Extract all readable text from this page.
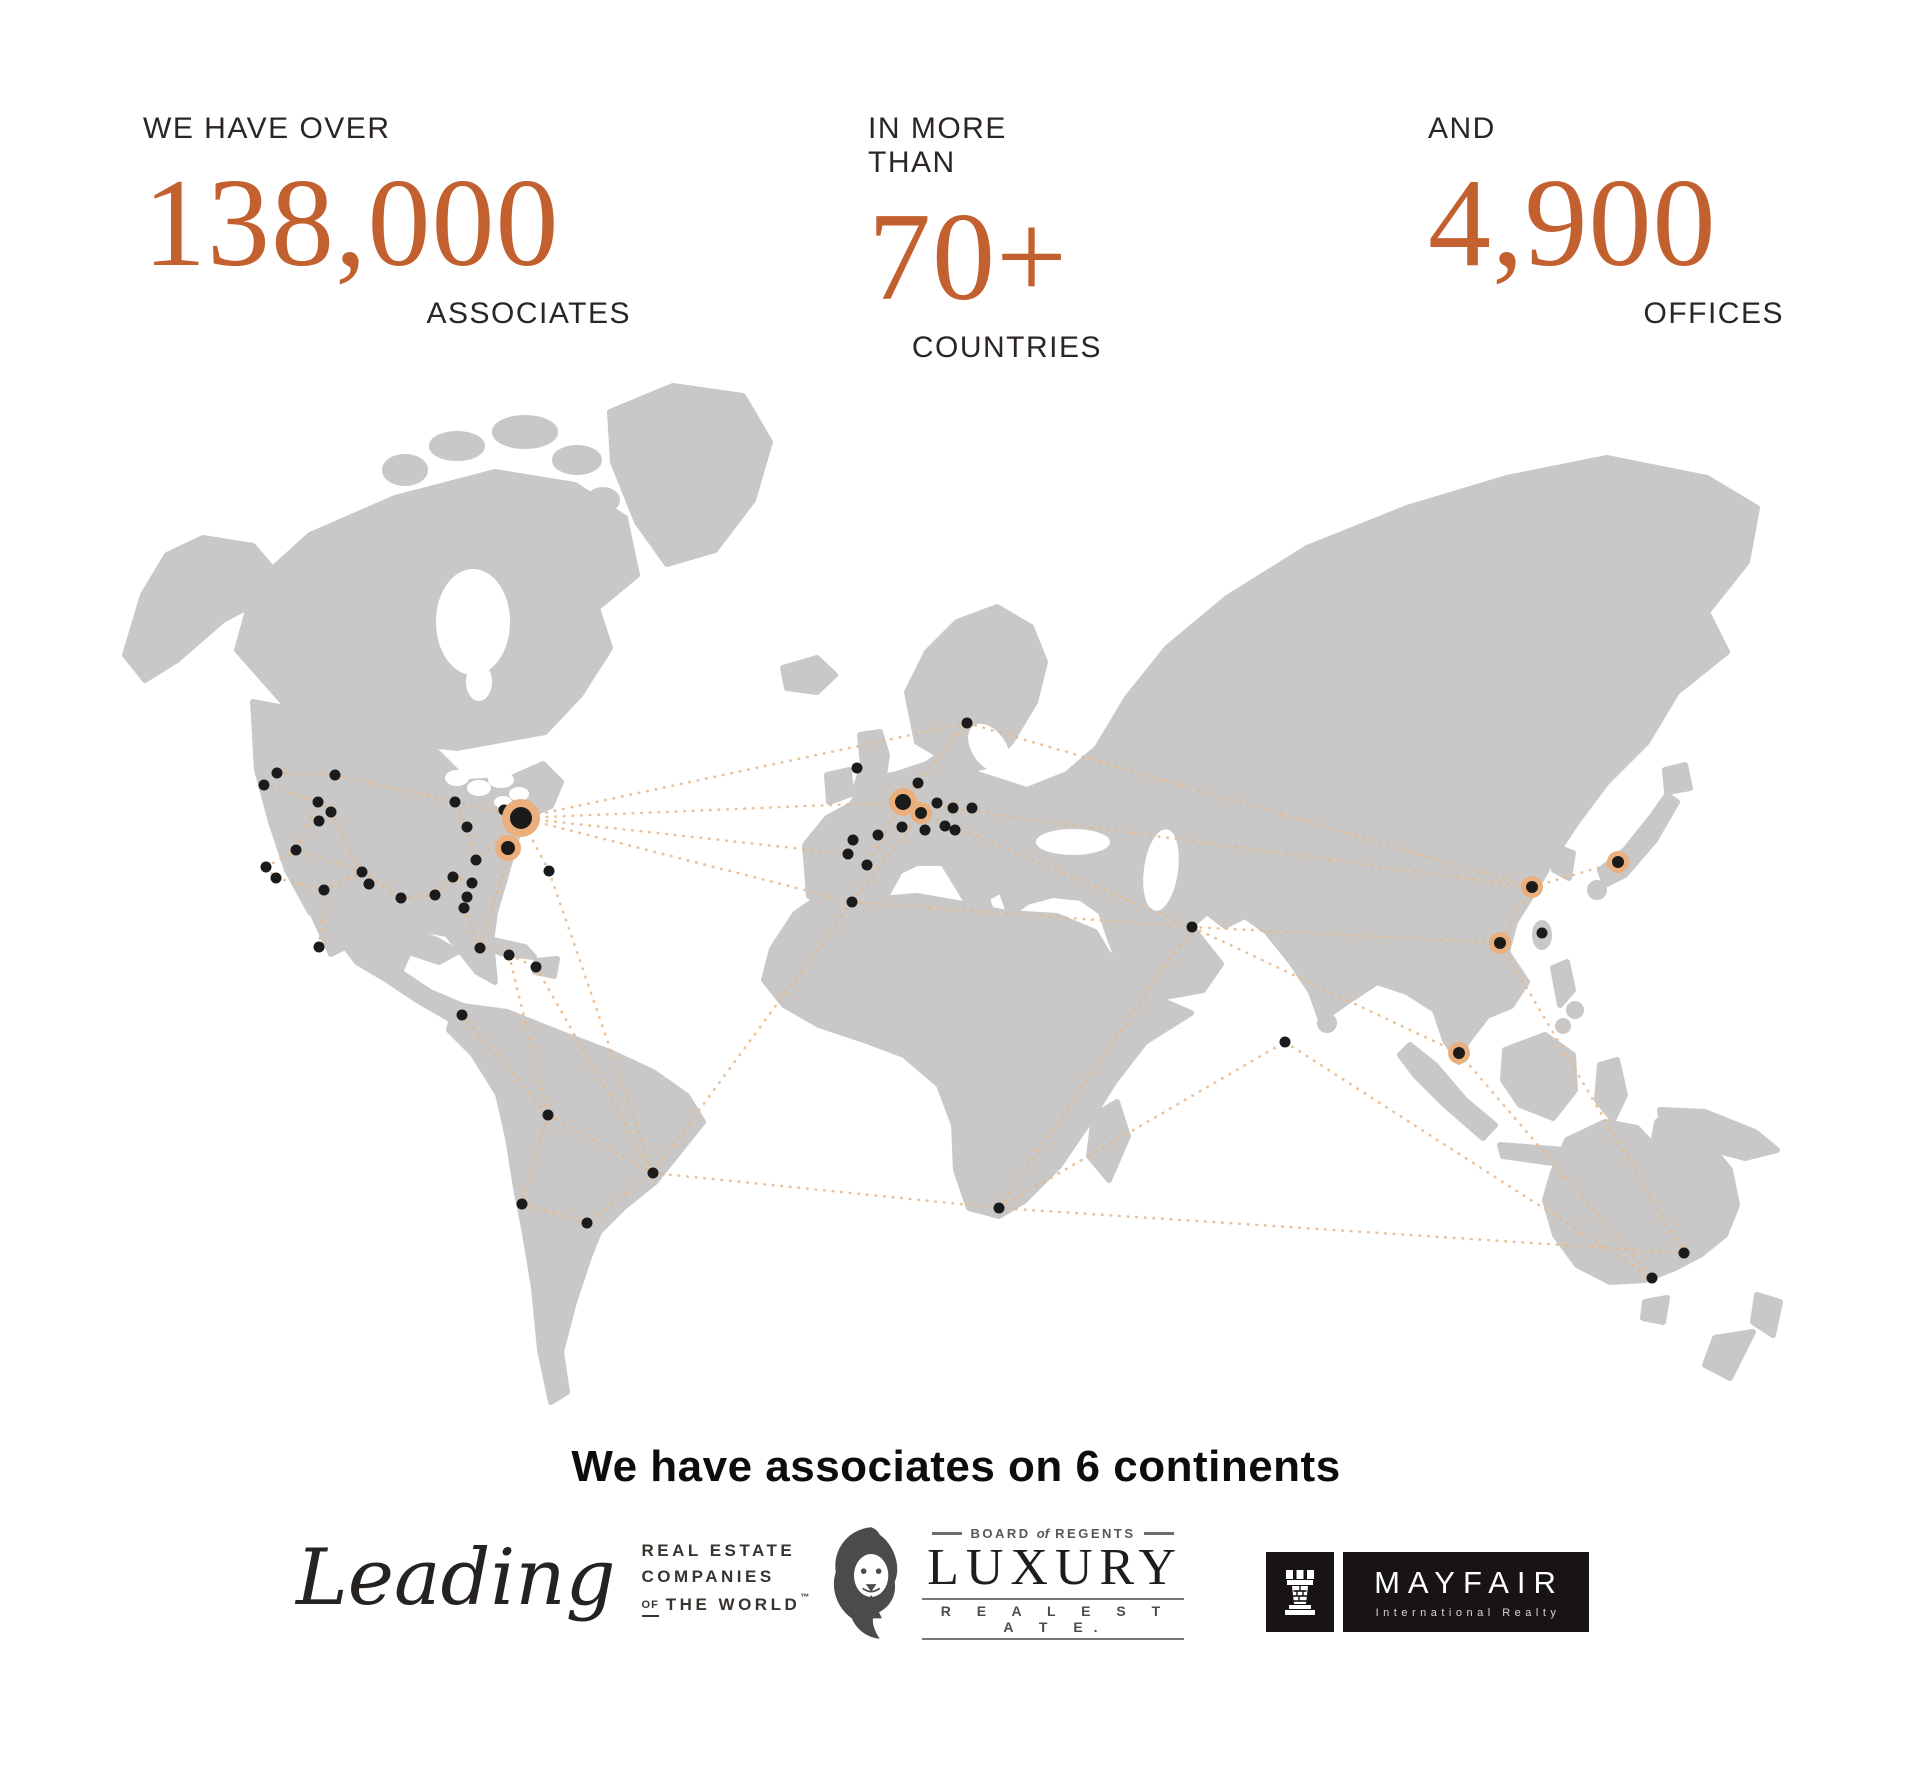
WE HAVE OVER
138,000
ASSOCIATES
IN MORE THAN
70+
COUNTRIES
AND
4,900
OFFICES
We have associates on 6 continents
Leading REAL ESTATE
COMPANIES
OF THE WORLD™
BOARD of REGENTS
LUXURY
R E A L E S T A T E.
MAYFAIR
International Realty
